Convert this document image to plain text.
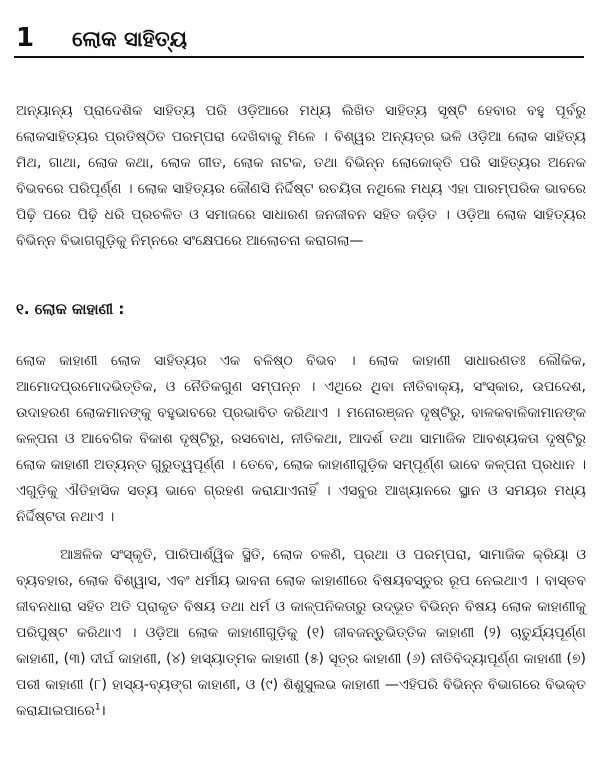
1 ଲୋକ ସାହିତ୍ୟ

ଅନ୍ୟାନ୍ୟ ପ୍ରାଦେଶିକ ସାହିତ୍ୟ ପରି ଓଡ଼ିଆରେ ମଧ୍ୟ ଲିଖିତ ସାହିତ୍ୟ ସୃଷ୍ଟି ହେବାର ବହୁ ପୂର୍ବରୁ ଲୋକସାହିତ୍ୟର ପ୍ରତିଷ୍ଠିତ ପରମ୍ପରା ଦେଖିବାକୁ ମିଳେ । ବିଶ୍ୱର ଅନ୍ୟତ୍ର ଭଳି ଓଡ଼ିଆ ଲୋକ ସାହିତ୍ୟ ମିଥ, ଗାଥା, ଲୋକ କଥା, ଲୋକ ଗୀତ, ଲୋକ ନାଟକ, ତଥା ବିଭିନ୍ନ ଲୋକୋକ୍ତି ପରି ସାହିତ୍ୟର ଅନେକ ବିଭବରେ ପରିପୂର୍ଣ୍ଣ । ଲୋକ ସାହିତ୍ୟର କୌଣସି ନିର୍ଦ୍ଦିଷ୍ଟ ରଚୟିତା ନଥିଲେ ମଧ୍ୟ ଏହା ପାରମ୍ପରିକ ଭାବରେ ପିଢ଼ି ପରେ ପିଢ଼ି ଧରି ପ୍ରଚଳିତ ଓ ସମାଜରେ ସାଧାରଣ ଜନଜୀବନ ସହିତ ଜଡ଼ିତ । ଓଡ଼ିଆ ଲୋକ ସାହିତ୍ୟର ବିଭିନ୍ନ ବିଭାଗଗୁଡ଼ିକୁ ନିମ୍ନରେ ସଂକ୍ଷେପରେ ଆଲୋଚନା କରାଗଲା—

୧. ଲୋକ କାହାଣୀ :

ଲୋକ କାହାଣୀ ଲୋକ ସାହିତ୍ୟର ଏକ ବଳିଷ୍ଠ ବିଭବ । ଲୋକ କାହାଣୀ ସାଧାରଣତଃ ଲୌକିକ, ଆମୋଦପ୍ରମୋଦଭିତ୍ତିକ, ଓ ନୈତିକଗୁଣ ସମ୍ପନ୍ନ । ଏଥିରେ ଥିବା ନୀତିବାକ୍ୟ, ସଂସ୍କାର, ଉପଦେଶ, ଉଦାହରଣ ଲୋକମାନଙ୍କୁ ବହୁଭାବରେ ପ୍ରଭାବିତ କରିଥାଏ । ମନୋରଞ୍ଜନ ଦୃଷ୍ଟିରୁ, ବାଳକବାଳିକାମାନଙ୍କ କଳ୍ପନା ଓ ଆବେଗିକ ବିକାଶ ଦୃଷ୍ଟିରୁ, ରସବୋଧ, ନୀତିକଥା, ଆଦର୍ଶ ତଥା ସାମାଜିକ ଆବଶ୍ୟକତା ଦୃଷ୍ଟିରୁ ଲୋକ କାହାଣୀ ଅତ୍ୟନ୍ତ ଗୁରୁତ୍ୱପୂର୍ଣ୍ଣ । ତେବେ, ଲୋକ କାହାଣୀଗୁଡ଼ିକ ସମ୍ପୂର୍ଣ୍ଣ ଭାବେ କଳ୍ପନା ପ୍ରଧାନ । ଏଗୁଡ଼ିକୁ ଐତିହାସିକ ସତ୍ୟ ଭାବେ ଗ୍ରହଣ କରାଯାଏନାହିଁ । ଏସବୁର ଆଖ୍ୟାନରେ ସ୍ଥାନ ଓ ସମୟର ମଧ୍ୟ ନିର୍ଦ୍ଦିଷ୍ଟତା ନଥାଏ ।

ଆଞ୍ଚଳିକ ସଂସ୍କୃତି, ପାରିପାର୍ଶ୍ୱିକ ସ୍ଥିତି, ଲୋକ ଚଳଣି, ପ୍ରଥା ଓ ପରମ୍ପରା, ସାମାଜିକ କ୍ରିୟା ଓ ବ୍ୟବହାର, ଲୋକ ବିଶ୍ୱାସ, ଏବଂ ଧର୍ମୀୟ ଭାବନା ଲୋକ କାହାଣୀରେ ବିଷୟବସ୍ତୁର ରୂପ ନେଇଥାଏ । ବାସ୍ତବ ଜୀବନଧାରା ସହିତ ଅତି ପ୍ରାକୃତ ବିଷୟ ତଥା ଧର୍ମ ଓ କାଳ୍ପନିକତାରୁ ଉଦ୍ଭୂତ ବିଭିନ୍ନ ବିଷୟ ଲୋକ କାହାଣୀକୁ ପରିପୁଷ୍ଟ କରିଥାଏ । ଓଡ଼ିଆ ଲୋକ କାହାଣୀଗୁଡ଼ିକୁ (୧) ଜୀବଜନ୍ତୁଭିତ୍ତିକ କାହାଣୀ (୨) ଚାତୁର୍ଯ୍ୟପୂର୍ଣ୍ଣ କାହାଣୀ, (୩) ଦୀର୍ଘ କାହାଣୀ, (୪) ହାସ୍ୟାତ୍ମକ କାହାଣୀ (୫) ସୂତ୍ର କାହାଣୀ (୬) ନୀତିବିଦ୍ୟାପୂର୍ଣ୍ଣ କାହାଣୀ (୭) ପରୀ କାହାଣୀ (୮) ହାସ୍ୟ-ବ୍ୟଙ୍ଗ କାହାଣୀ, ଓ (୯) ଶିଶୁସୁଲଭ କାହାଣୀ —ଏହିପରି ବିଭିନ୍ନ ବିଭାଗରେ ବିଭକ୍ତ କରାଯାଇପାରେ$^1$।
